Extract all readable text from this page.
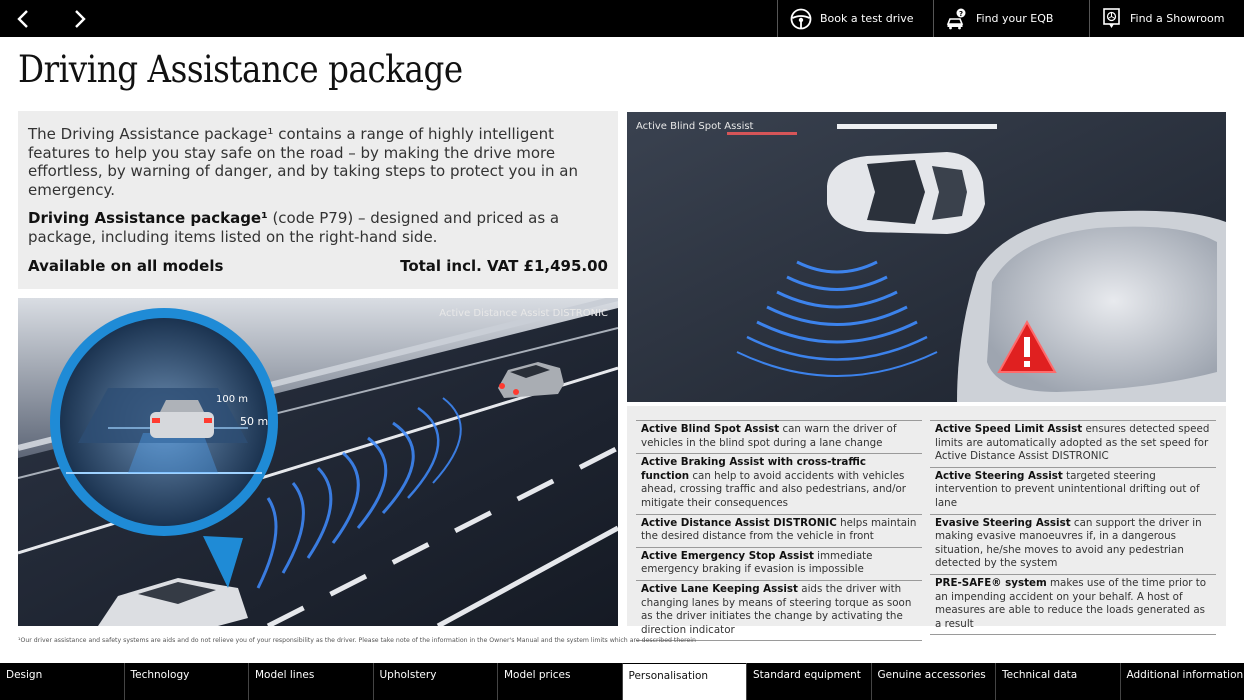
Book a test drive	? Find your EQB	Find a Showroom
Driving Assistance package

The Driving Assistance package¹ contains a range of highly intelligent features to help you stay safe on the road – by making the drive more effortless, by warning of danger, and by taking steps to protect you in an emergency.

Driving Assistance package¹ (code P79) – designed and priced as a package, including items listed on the right-hand side.

Available on all models	Total incl. VAT £1,495.00
100 m
50 m
Active Distance Assist DISTRONIC
Active Blind Spot Assist
Active Blind Spot Assist can warn the driver of vehicles in the blind spot during a lane change
Active Braking Assist with cross-traffic function can help to avoid accidents with vehicles ahead, crossing traffic and also pedestrians, and/or mitigate their consequences
Active Distance Assist DISTRONIC helps maintain the desired distance from the vehicle in front
Active Emergency Stop Assist immediate emergency braking if evasion is impossible
Active Lane Keeping Assist aids the driver with changing lanes by means of steering torque as soon as the driver initiates the change by activating the direction indicator
Active Speed Limit Assist ensures detected speed limits are automatically adopted as the set speed for Active Distance Assist DISTRONIC
Active Steering Assist targeted steering intervention to prevent unintentional drifting out of lane
Evasive Steering Assist can support the driver in making evasive manoeuvres if, in a dangerous situation, he/she moves to avoid any pedestrian detected by the system
PRE-SAFE® system makes use of the time prior to an impending accident on your behalf. A host of measures are able to reduce the loads generated as a result
¹Our driver assistance and safety systems are aids and do not relieve you of your responsibility as the driver. Please take note of the information in the Owner's Manual and the system limits which are described therein
Design	Technology	Model lines	Upholstery	Model prices	Personalisation	Standard equipment	Genuine accessories	Technical data	Additional information
